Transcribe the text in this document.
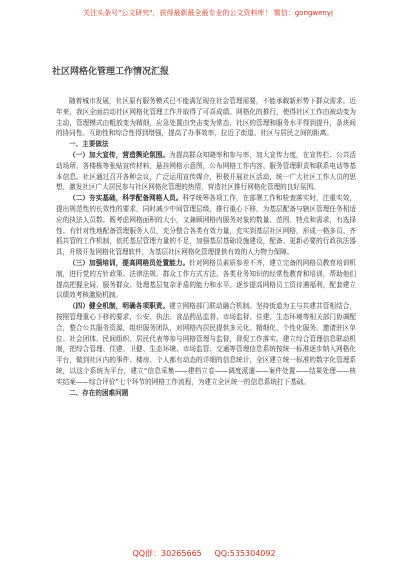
关注头条号"公文研究"，获得最新最全最专业的公文资料库！ 微信：gongwenyj
社区网格化管理工作情况汇报

随着城市发展，社区原有服务模式已不能满足现在社会管理需要，不能承载新形势下群众需求。近年来，我区全面启动社区网格化管理工作并取得了可喜成绩。网格化的推行，使得社区工作由被动变为主动，管理模式由粗放变为精细，应急处置由突击变为常态，社区的管理和服务水平得到提升，条块间的协同性、互助性和综合性得到增强，提高了办事效率，拉近了街道、社区与居民之间的距离。

一、主要做法

（一）加大宣传，营造舆论氛围。为提高群众知晓率和参与率，加大宣传力度，在宣传栏、公共活动场所、各楼栋等张贴宣传材料，悬挂网格示意图，公布网格工作内容、服务管理职责和联系电话等基本信息。社区通过召开各种会议，广泛运用宣传媒介，积极开展社区活动，统一广大社区工作人员的思想，激发社区广大居民参与社区网格化管理的热情，营造社区推行网格化管理的良好氛围。

（二）夯实基础，科学配备网格人员。科学统筹各项工作，在部署工作和检查落实时，注重实效，提出规范性的长效性的要求，同时减少中间管理层级，推行重心下移，为基层配备与辖区管理任务相适应的执法人员数。既考虑网格面积的大小，又兼顾网格内服务对象的数量、范围、特点和需求，有选择性、有针对性地配备管理服务人员，充分整合各类有效力量，充实到基层社区网格，形成一格多员、齐抓共管的工作机制，依托基层管理力量的不足，加强基层基础设施建设，配备、更新必要的行政执法器具，升级开发网格化管理软件，为基层社区网格化管理提供有效的人力物力保障。

（三）加强培训，提高网格员处置能力。针对网格员素质参差不齐，建立完备的网格员教育培训机制，进行党的方针政策、法律法规、群众工作方式方法、各类业务知识的经常性教育和培训，帮助他们提高把握全局、服务群众、处理基层复杂矛盾的能力和水平。逐步提高网格员工资待遇福利，配套建立以绩效考核激励机制。

（四）健全机制，明确各项职责。建立网格部门联动融合机制。坚持街道为主与共建共管相结合，按照管理重心下移的要求，公安、执法、食品药品监督、市场监督、住建、生态环境等相关部门协调配合，整合公共服务资源，组织服务团队，对网格内居民提供多元化、精细化、个性化服务。邀请驻区单位、社会团体、民间组织、居民代表等参与网格管理与监督，督促工作落实。建立综合管理信息联动机制，把综合管理、住建、卫健、生态环境、市场监管、交通等管理信息系统按统一标准逐步纳入网格化平台，做到社区内的事件、楼房、个人都有动态的详细的信息统计，全区建立统一标准的数字化管理系统，以这个系统为平台，建立“信息采集——建档立卷——调度派遣——案件处置——结果处理——核实结案——综合评价”七个环节的网格工作流程，为建立全区统一的信息系统打下基础。

二、存在的困难问题

QQ群：30265665     QQ:535304092
